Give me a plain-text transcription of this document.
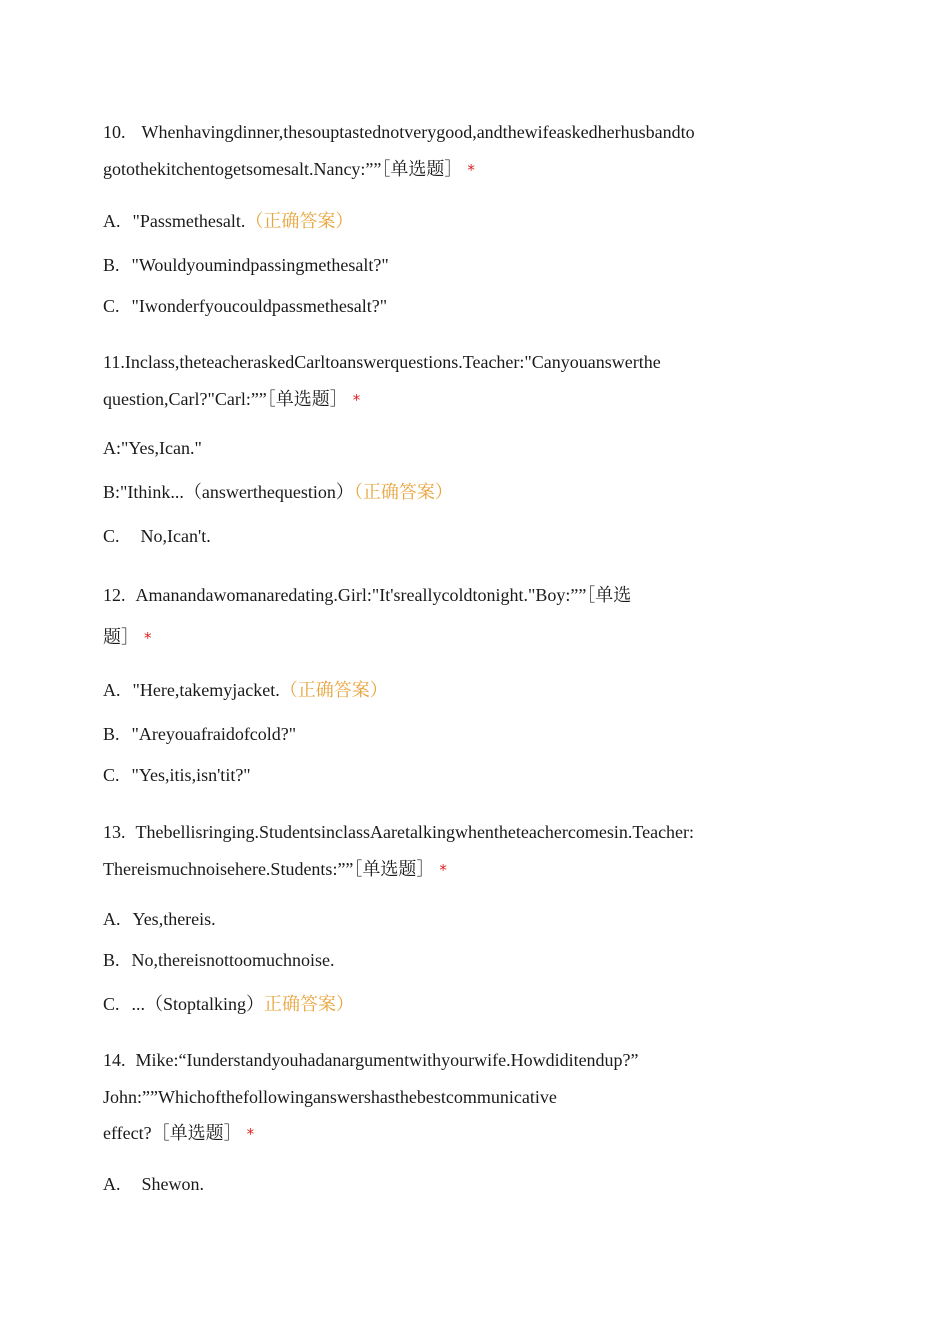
10. Whenhavingdinner,thesouptastednotverygood,andthewifeaskedherhusbandto
gotothekitchentogetsomesalt.Nancy:””［单选题］ *
A. "Passmethesalt.（正确答案）
B. "Wouldyoumindpassingmethesalt?"
C. "Iwonderfyoucouldpassmethesalt?"
11.Inclass,theteacheraskedCarltoanswerquestions.Teacher:"Canyouanswerthe
question,Carl?"Carl:””［单选题］ *
A:"Yes,Ican."
B:"Ithink...（answerthequestion）（正确答案）
C. No,Ican't.
12. Amanandawomanaredating.Girl:"It'sreallycoldtonight."Boy:””［单选
题］ *
A. "Here,takemyjacket.（正确答案）
B. "Areyouafraidofcold?"
C. "Yes,itis,isn'tit?"
13. Thebellisringing.StudentsinclassAaretalkingwhentheteachercomesin.Teacher:
Thereismuchnoisehere.Students:””［单选题］ *
A. Yes,thereis.
B. No,thereisnottoomuchnoise.
C. ...（Stoptalking）正确答案）
14. Mike:“Iunderstandyouhadanargumentwithyourwife.Howdiditendup?”
John:””Whichofthefollowinganswershasthebestcommunicative
effect?［单选题］ *
A. Shewon.
